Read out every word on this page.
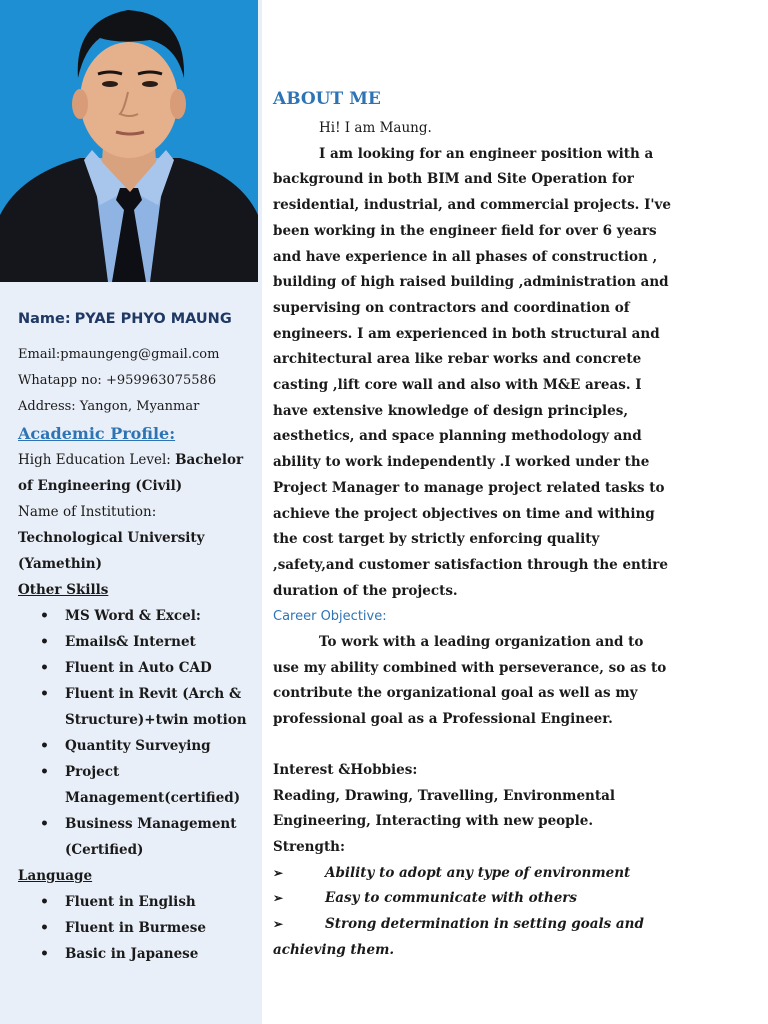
Name: PYAE PHYO MAUNG
Email:pmaungeng@gmail.com
Whatapp no: +959963075586
Address: Yangon, Myanmar
Academic Profile:
High Education Level: Bachelor of Engineering (Civil)
Name of Institution:
Technological University (Yamethin)
Other Skills
• MS Word & Excel:
• Emails& Internet
• Fluent in Auto CAD
• Fluent in Revit (Arch & Structure)+twin motion
• Quantity Surveying
• Project Management(certified)
• Business Management (Certified)
Language
• Fluent in English
• Fluent in Burmese
• Basic in Japanese
ABOUT ME
Hi! I am Maung.
I am looking for an engineer position with a background in both BIM and Site Operation for residential, industrial, and commercial projects. I've been working in the engineer field for over 6 years and have experience in all phases of construction , building of high raised building ,administration and supervising on contractors and coordination of engineers. I am experienced in both structural and architectural area like rebar works and concrete casting ,lift core wall and also with M&E areas. I have extensive knowledge of design principles, aesthetics, and space planning methodology and ability to work independently .I worked under the Project Manager to manage project related tasks to achieve the project objectives on time and withing the cost target by strictly enforcing quality ,safety,and customer satisfaction through the entire duration of the projects.
Career Objective:
To work with a leading organization and to use my ability combined with perseverance, so as to contribute the organizational goal as well as my professional goal as a Professional Engineer.
Interest &Hobbies:
Reading, Drawing, Travelling, Environmental Engineering, Interacting with new people.
Strength:
➢	Ability to adopt any type of environment
➢	Easy to communicate with others
➢	Strong determination in setting goals and achieving them.
